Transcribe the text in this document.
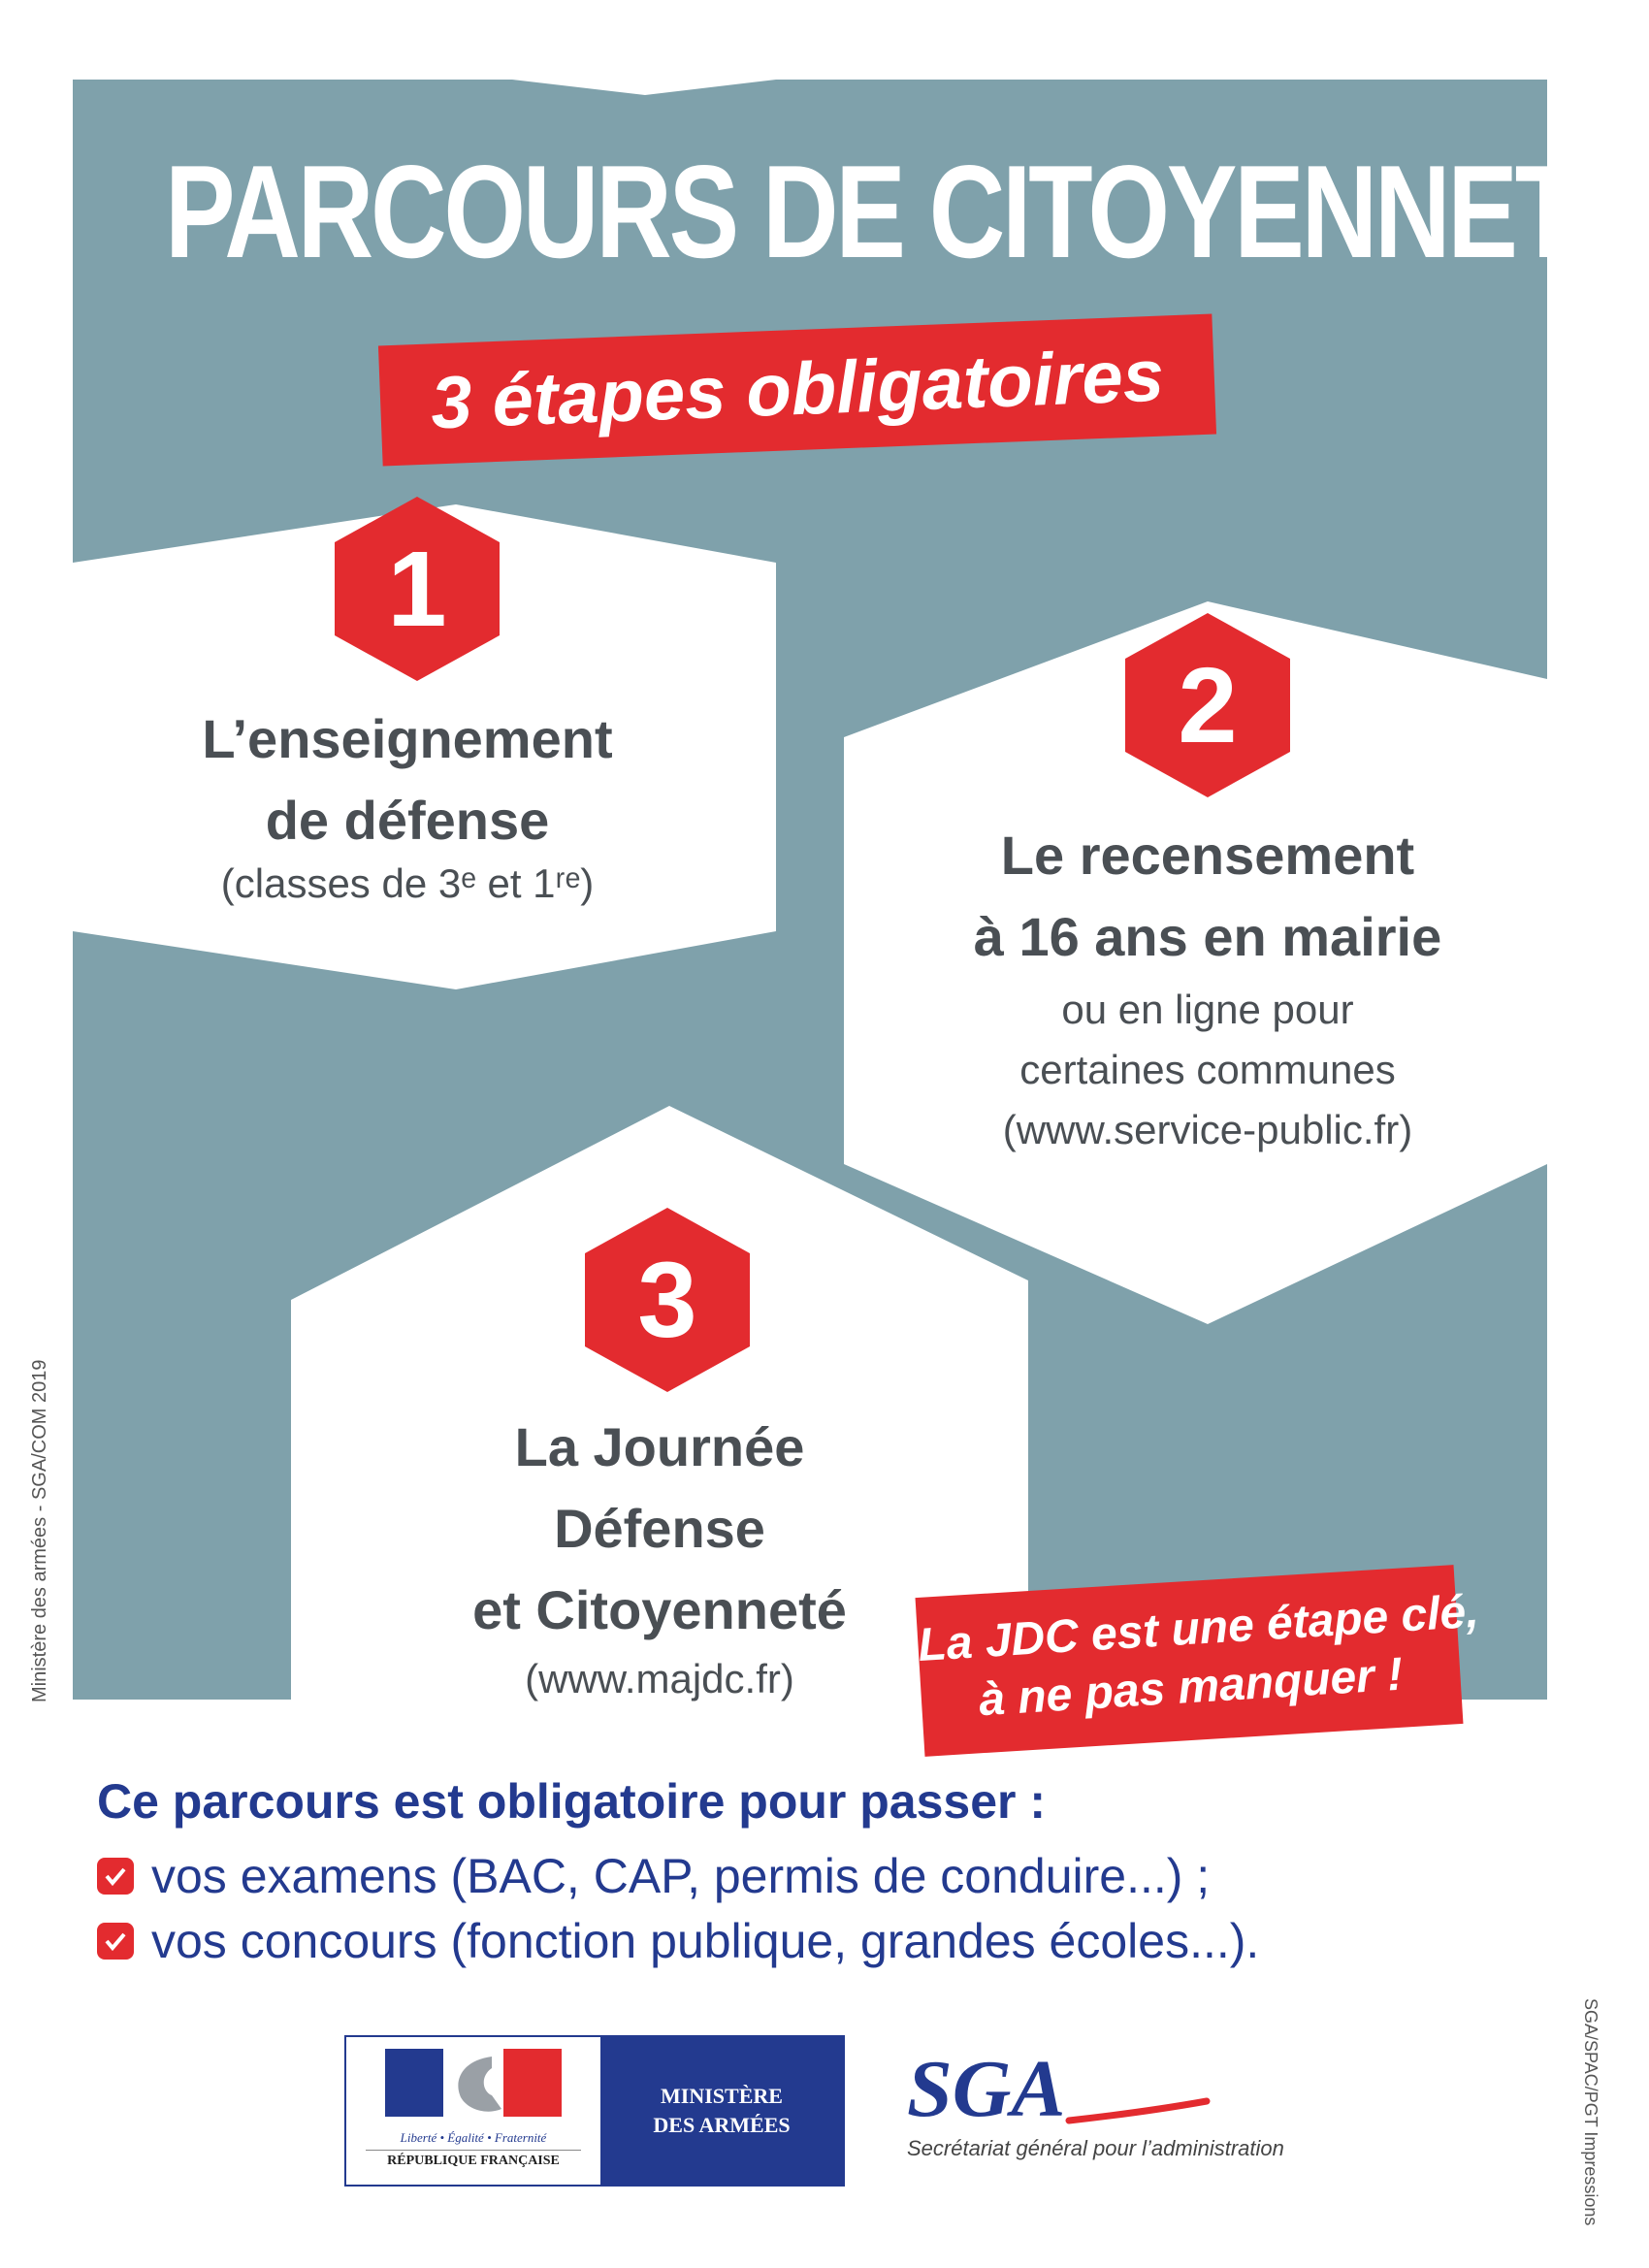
PARCOURS DE CITOYENNETÉ
3 étapes obligatoires
1
L’enseignement
de défense
(classes de 3ᵉ et 1ʳᵉ)
2
Le recensement
à 16 ans en mairie
ou en ligne pour
certaines communes
(www.service-public.fr)
3
La Journée
Défense
et Citoyenneté
(www.majdc.fr)
La JDC est une étape clé,
à ne pas manquer !
Ce parcours est obligatoire pour passer :
vos examens (BAC, CAP, permis de conduire...) ;
vos concours (fonction publique, grandes écoles...).
Ministère des armées - SGA/COM 2019
SGA/SPAC/PGT Impressions
Liberté • Égalité • Fraternité
RÉPUBLIQUE FRANÇAISE
MINISTÈRE
DES ARMÉES SGA
Secrétariat général pour l’administration
